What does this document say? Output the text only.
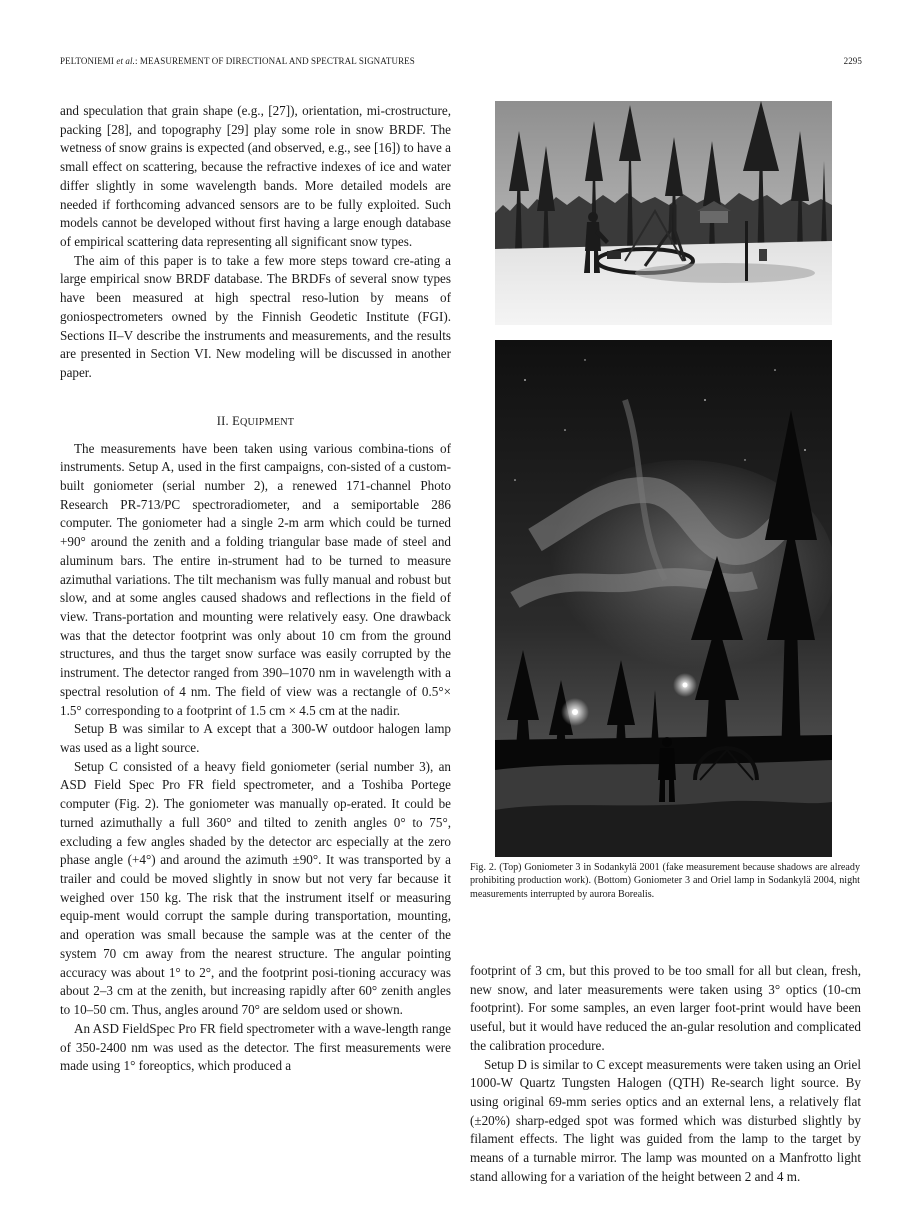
PELTONIEMI et al.: MEASUREMENT OF DIRECTIONAL AND SPECTRAL SIGNATURES	2295

and speculation that grain shape (e.g., [27]), orientation, mi-crostructure, packing [28], and topography [29] play some role in snow BRDF. The wetness of snow grains is expected (and observed, e.g., see [16]) to have a small effect on scattering, because the refractive indexes of ice and water differ slightly in some wavelength bands. More detailed models are needed if forthcoming advanced sensors are to be fully exploited. Such models cannot be developed without first having a large enough database of empirical scattering data representing all significant snow types.

The aim of this paper is to take a few more steps toward cre-ating a large empirical snow BRDF database. The BRDFs of several snow types have been measured at high spectral reso-lution by means of goniospectrometers owned by the Finnish Geodetic Institute (FGI). Sections II–V describe the instruments and measurements, and the results are presented in Section VI. New modeling will be discussed in another paper.

II. EQUIPMENT

The measurements have been taken using various combina-tions of instruments. Setup A, used in the first campaigns, con-sisted of a custom-built goniometer (serial number 2), a renewed 171-channel Photo Research PR-713/PC spectroradiometer, and a semiportable 286 computer. The goniometer had a single 2-m arm which could be turned +90° around the zenith and a folding triangular base made of steel and aluminum bars. The entire in-strument had to be turned to measure azimuthal variations. The tilt mechanism was fully manual and robust but slow, and at some angles caused shadows and reflections in the field of view. Trans-portation and mounting were relatively easy. One drawback was that the detector footprint was only about 10 cm from the ground structures, and thus the target snow surface was easily corrupted by the instrument. The detector ranged from 390–1070 nm in wavelength with a spectral resolution of 4 nm. The field of view was a rectangle of 0.5°× 1.5° corresponding to a footprint of 1.5 cm × 4.5 cm at the nadir.

Setup B was similar to A except that a 300-W outdoor halogen lamp was used as a light source.

Setup C consisted of a heavy field goniometer (serial number 3), an ASD Field Spec Pro FR field spectrometer, and a Toshiba Portege computer (Fig. 2). The goniometer was manually op-erated. It could be turned azimuthally a full 360° and tilted to zenith angles 0° to 75°, excluding a few angles shaded by the detector arc especially at the zero phase angle (+4°) and around the azimuth ±90°. It was transported by a trailer and could be moved slightly in snow but not very far because it weighed over 150 kg. The risk that the instrument itself or measuring equip-ment would corrupt the sample during transportation, mounting, and operation was small because the sample was at the center of the system 70 cm away from the nearest structure. The angular pointing accuracy was about 1° to 2°, and the footprint posi-tioning accuracy was about 2–3 cm at the zenith, but increasing rapidly after 60° zenith angles to 10–50 cm. Thus, angles around 70° are seldom used or shown.

An ASD FieldSpec Pro FR field spectrometer with a wave-length range of 350-2400 nm was used as the detector. The first measurements were made using 1° foreoptics, which produced a

Fig. 2. (Top) Goniometer 3 in Sodankylä 2001 (fake measurement because shadows are already prohibiting production work). (Bottom) Goniometer 3 and Oriel lamp in Sodankylä 2004, night measurements interrupted by aurora Borealis.

footprint of 3 cm, but this proved to be too small for all but clean, fresh, new snow, and later measurements were taken using 3° optics (10-cm footprint). For some samples, an even larger foot-print would have been useful, but it would have reduced the an-gular resolution and complicated the calibration procedure.

Setup D is similar to C except measurements were taken using an Oriel 1000-W Quartz Tungsten Halogen (QTH) Re-search light source. By using original 69-mm series optics and an external lens, a relatively flat (±20%) sharp-edged spot was formed which was disturbed slightly by filament effects. The light was guided from the lamp to the target by means of a turnable mirror. The lamp was mounted on a Manfrotto light stand allowing for a variation of the height between 2 and 4 m.
